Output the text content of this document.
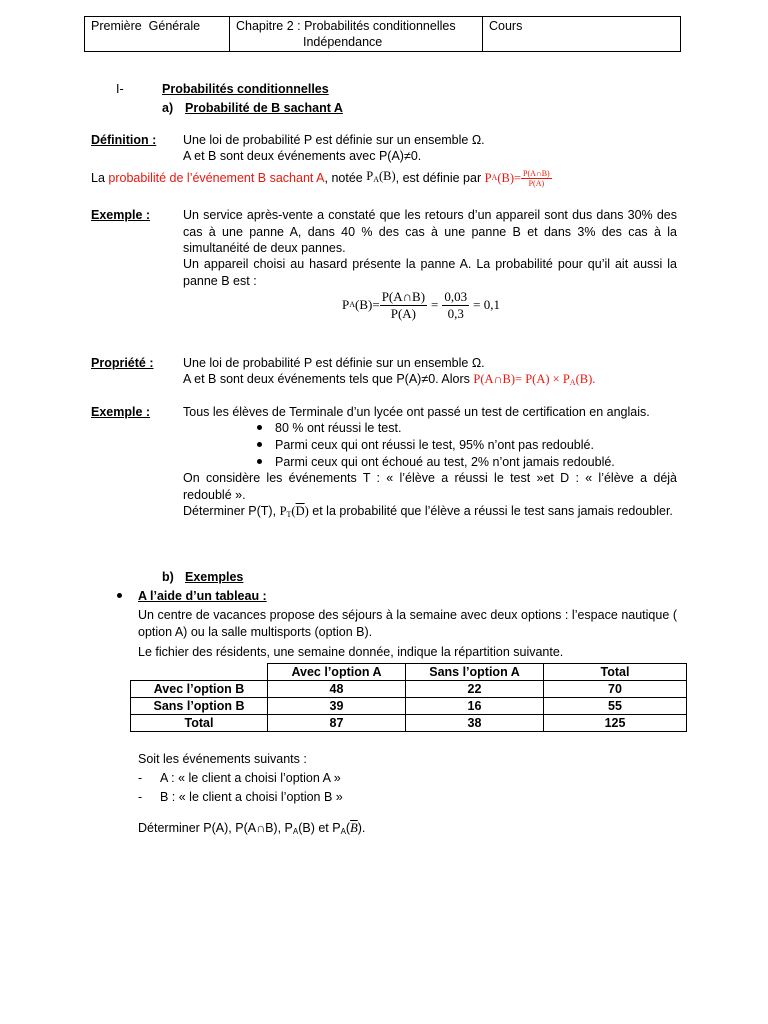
Première  Générale	Chapitre 2 : Probabilités conditionnelles
Indépendance
	Cours
I-	Probabilités conditionnelles
a) Probabilité de B sachant A
Définition : Une loi de probabilité P est définie sur un ensemble Ω.
A et B sont deux événements avec P(A)≠0.
La
probabilité de l’événement B sachant A , notée
$P_A(B)$ , est définie par
P A $(B)= \frac{P(A\cap B)}{P(A)}$
Exemple :	Un service après-vente a constaté que les retours d’un appareil sont dus dans 30% des cas à une panne A, dans 40 % des cas à une panne B et dans 3% des cas à la simultanéité de deux pannes.
Un appareil choisi au hasard présente la panne A. La probabilité pour qu’il ait aussi la panne B est :
P A $(B)= \frac{P(A\cap B)}{P(A)} = \frac{0,03}{0,3} = 0,1$
Propriété : Une loi de probabilité P est définie sur un ensemble Ω.
A et B sont deux événements tels que P(A)≠0. Alors P(A∩B)= $P(A) \times P_A(B)$.
Exemple :	Tous les élèves de Terminale d’un lycée ont passé un test de certification en anglais.
80 % ont réussi le test.
Parmi ceux qui ont réussi le test, 95% n’ont pas redoublé.
Parmi ceux qui ont échoué au test, 2% n’ont jamais redoublé.
On considère les événements T : « l’élève a réussi le test »et D : « l’élève a déjà redoublé ».
Déterminer P(T), $P_T(\overline{D})$ et la probabilité que l’élève a réussi le test sans jamais redoubler.
b) Exemples
A l’aide d’un tableau :
Un centre de vacances propose des séjours à la semaine avec deux options : l’espace nautique ( option A) ou la salle multisports (option B).
Le fichier des résidents, une semaine donnée, indique la répartition suivante.
	Avec l’option A	Sans l’option A	Total
Avec l’option B	48	22	70
Sans l’option B	39	16	55
Total	87	38	125
Soit les événements suivants :
- A : « le client a choisi l’option A »
- B : « le client a choisi l’option B »
Déterminer P(A), P(A∩B), $P_A(B)$ et $P_A(\overline{B})$.
